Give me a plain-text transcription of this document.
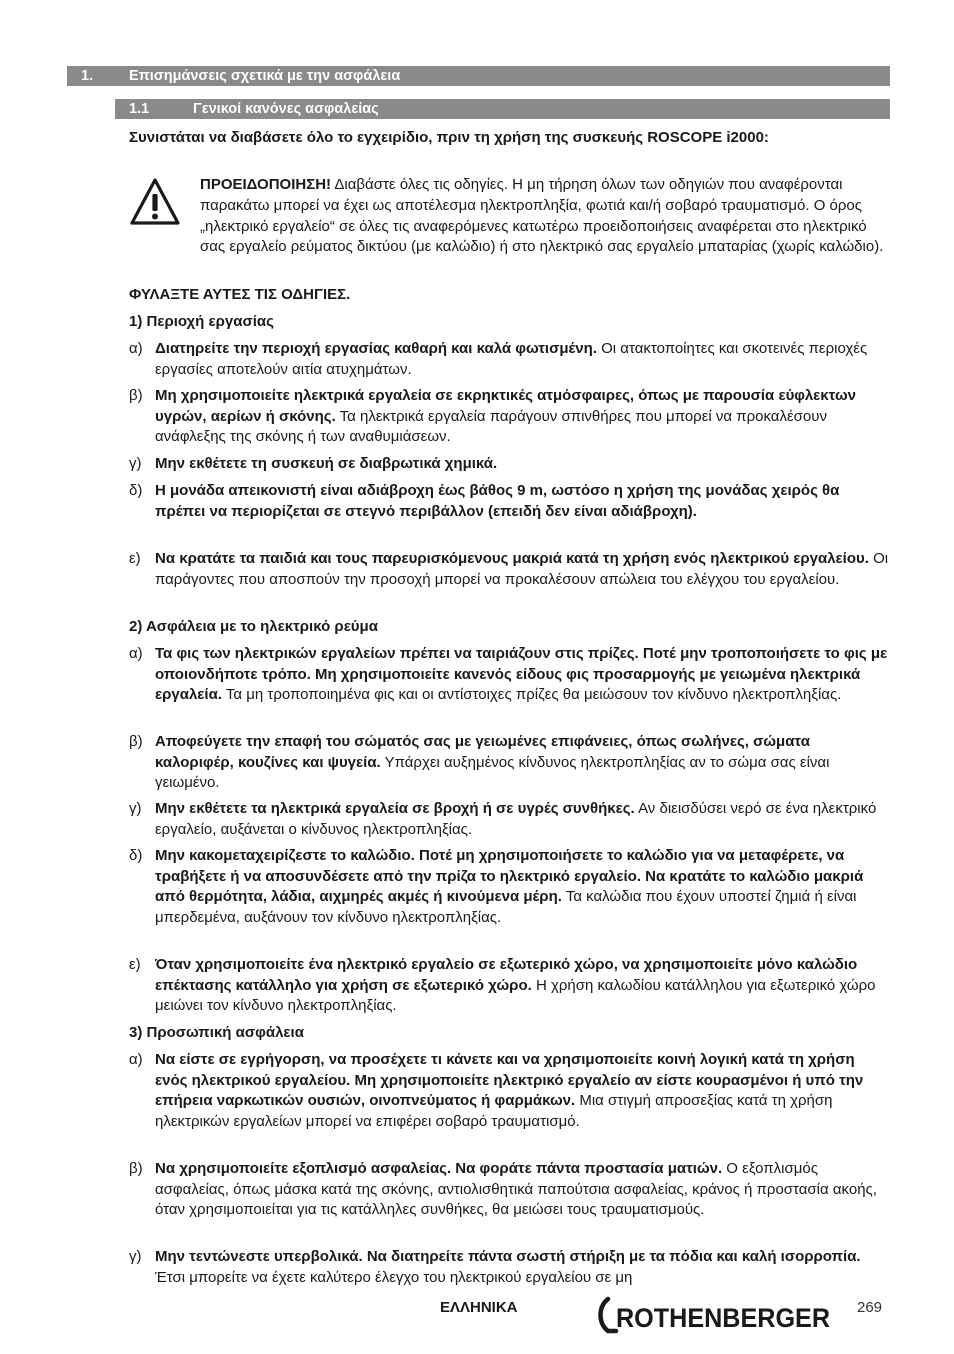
1. Επισημάνσεις σχετικά με την ασφάλεια
1.1	Γενικοί κανόνες ασφαλείας
Συνιστάται να διαβάσετε όλο το εγχειρίδιο, πριν τη χρήση της συσκευής ROSCOPE i2000:
ΠΡΟΕΙΔΟΠΟΙΗΣΗ! Διαβάστε όλες τις οδηγίες. Η μη τήρηση όλων των οδηγιών που αναφέρονται παρακάτω μπορεί να έχει ως αποτέλεσμα ηλεκτροπληξία, φωτιά και/ή σοβαρό τραυματισμό. Ο όρος „ηλεκτρικό εργαλείο“ σε όλες τις αναφερόμενες κατωτέρω προειδοποιήσεις αναφέρεται στο ηλεκτρικό σας εργαλείο ρεύματος δικτύου (με καλώδιο) ή στο ηλεκτρικό σας εργαλείο μπαταρίας (χωρίς καλώδιο).
ΦΥΛΑΞΤΕ ΑΥΤΕΣ ΤΙΣ ΟΔΗΓΙΕΣ.
1) Περιοχή εργασίας
α) Διατηρείτε την περιοχή εργασίας καθαρή και καλά φωτισμένη. Οι ατακτοποίητες και σκοτεινές περιοχές εργασίες αποτελούν αιτία ατυχημάτων.
β) Μη χρησιμοποιείτε ηλεκτρικά εργαλεία σε εκρηκτικές ατμόσφαιρες, όπως με παρουσία εύφλεκτων υγρών, αερίων ή σκόνης. Τα ηλεκτρικά εργαλεία παράγουν σπινθήρες που μπορεί να προκαλέσουν ανάφλεξης της σκόνης ή των αναθυμιάσεων.
γ) Μην εκθέτετε τη συσκευή σε διαβρωτικά χημικά.
δ) Η μονάδα απεικονιστή είναι αδιάβροχη έως βάθος 9 m, ωστόσο η χρήση της μονάδας χειρός θα πρέπει να περιορίζεται σε στεγνό περιβάλλον (επειδή δεν είναι αδιάβροχη).
ε) Να κρατάτε τα παιδιά και τους παρευρισκόμενους μακριά κατά τη χρήση ενός ηλεκτρικού εργαλείου. Οι παράγοντες που αποσπούν την προσοχή μπορεί να προκαλέσουν απώλεια του ελέγχου του εργαλείου.
2) Ασφάλεια με το ηλεκτρικό ρεύμα
α) Τα φις των ηλεκτρικών εργαλείων πρέπει να ταιριάζουν στις πρίζες. Ποτέ μην τροποποιήσετε το φις με οποιονδήποτε τρόπο. Μη χρησιμοποιείτε κανενός είδους φις προσαρμογής με γειωμένα ηλεκτρικά εργαλεία. Τα μη τροποποιημένα φις και οι αντίστοιχες πρίζες θα μειώσουν τον κίνδυνο ηλεκτροπληξίας.
β) Αποφεύγετε την επαφή του σώματός σας με γειωμένες επιφάνειες, όπως σωλήνες, σώματα καλοριφέρ, κουζίνες και ψυγεία. Υπάρχει αυξημένος κίνδυνος ηλεκτροπληξίας αν το σώμα σας είναι γειωμένο.
γ) Μην εκθέτετε τα ηλεκτρικά εργαλεία σε βροχή ή σε υγρές συνθήκες. Αν διεισδύσει νερό σε ένα ηλεκτρικό εργαλείο, αυξάνεται ο κίνδυνος ηλεκτροπληξίας.
δ) Μην κακομεταχειρίζεστε το καλώδιο. Ποτέ μη χρησιμοποιήσετε το καλώδιο για να μεταφέρετε, να τραβήξετε ή να αποσυνδέσετε από την πρίζα το ηλεκτρικό εργαλείο. Να κρατάτε το καλώδιο μακριά από θερμότητα, λάδια, αιχμηρές ακμές ή κινούμενα μέρη. Τα καλώδια που έχουν υποστεί ζημιά ή είναι μπερδεμένα, αυξάνουν τον κίνδυνο ηλεκτροπληξίας.
ε) Όταν χρησιμοποιείτε ένα ηλεκτρικό εργαλείο σε εξωτερικό χώρο, να χρησιμοποιείτε μόνο καλώδιο επέκτασης κατάλληλο για χρήση σε εξωτερικό χώρο. Η χρήση καλωδίου κατάλληλου για εξωτερικό χώρο μειώνει τον κίνδυνο ηλεκτροπληξίας.
3) Προσωπική ασφάλεια
α) Να είστε σε εγρήγορση, να προσέχετε τι κάνετε και να χρησιμοποιείτε κοινή λογική κατά τη χρήση ενός ηλεκτρικού εργαλείου. Μη χρησιμοποιείτε ηλεκτρικό εργαλείο αν είστε κουρασμένοι ή υπό την επήρεια ναρκωτικών ουσιών, οινοπνεύματος ή φαρμάκων. Μια στιγμή απροσεξίας κατά τη χρήση ηλεκτρικών εργαλείων μπορεί να επιφέρει σοβαρό τραυματισμό.
β) Να χρησιμοποιείτε εξοπλισμό ασφαλείας. Να φοράτε πάντα προστασία ματιών. Ο εξοπλισμός ασφαλείας, όπως μάσκα κατά της σκόνης, αντιολισθητικά παπούτσια ασφαλείας, κράνος ή προστασία ακοής, όταν χρησιμοποιείται για τις κατάλληλες συνθήκες, θα μειώσει τους τραυματισμούς.
γ) Μην τεντώνεστε υπερβολικά. Να διατηρείτε πάντα σωστή στήριξη με τα πόδια και καλή ισορροπία. Έτσι μπορείτε να έχετε καλύτερο έλεγχο του ηλεκτρικού εργαλείου σε μη
ΕΛΛΗΝΙΚΑ	ROTHENBERGER 269
